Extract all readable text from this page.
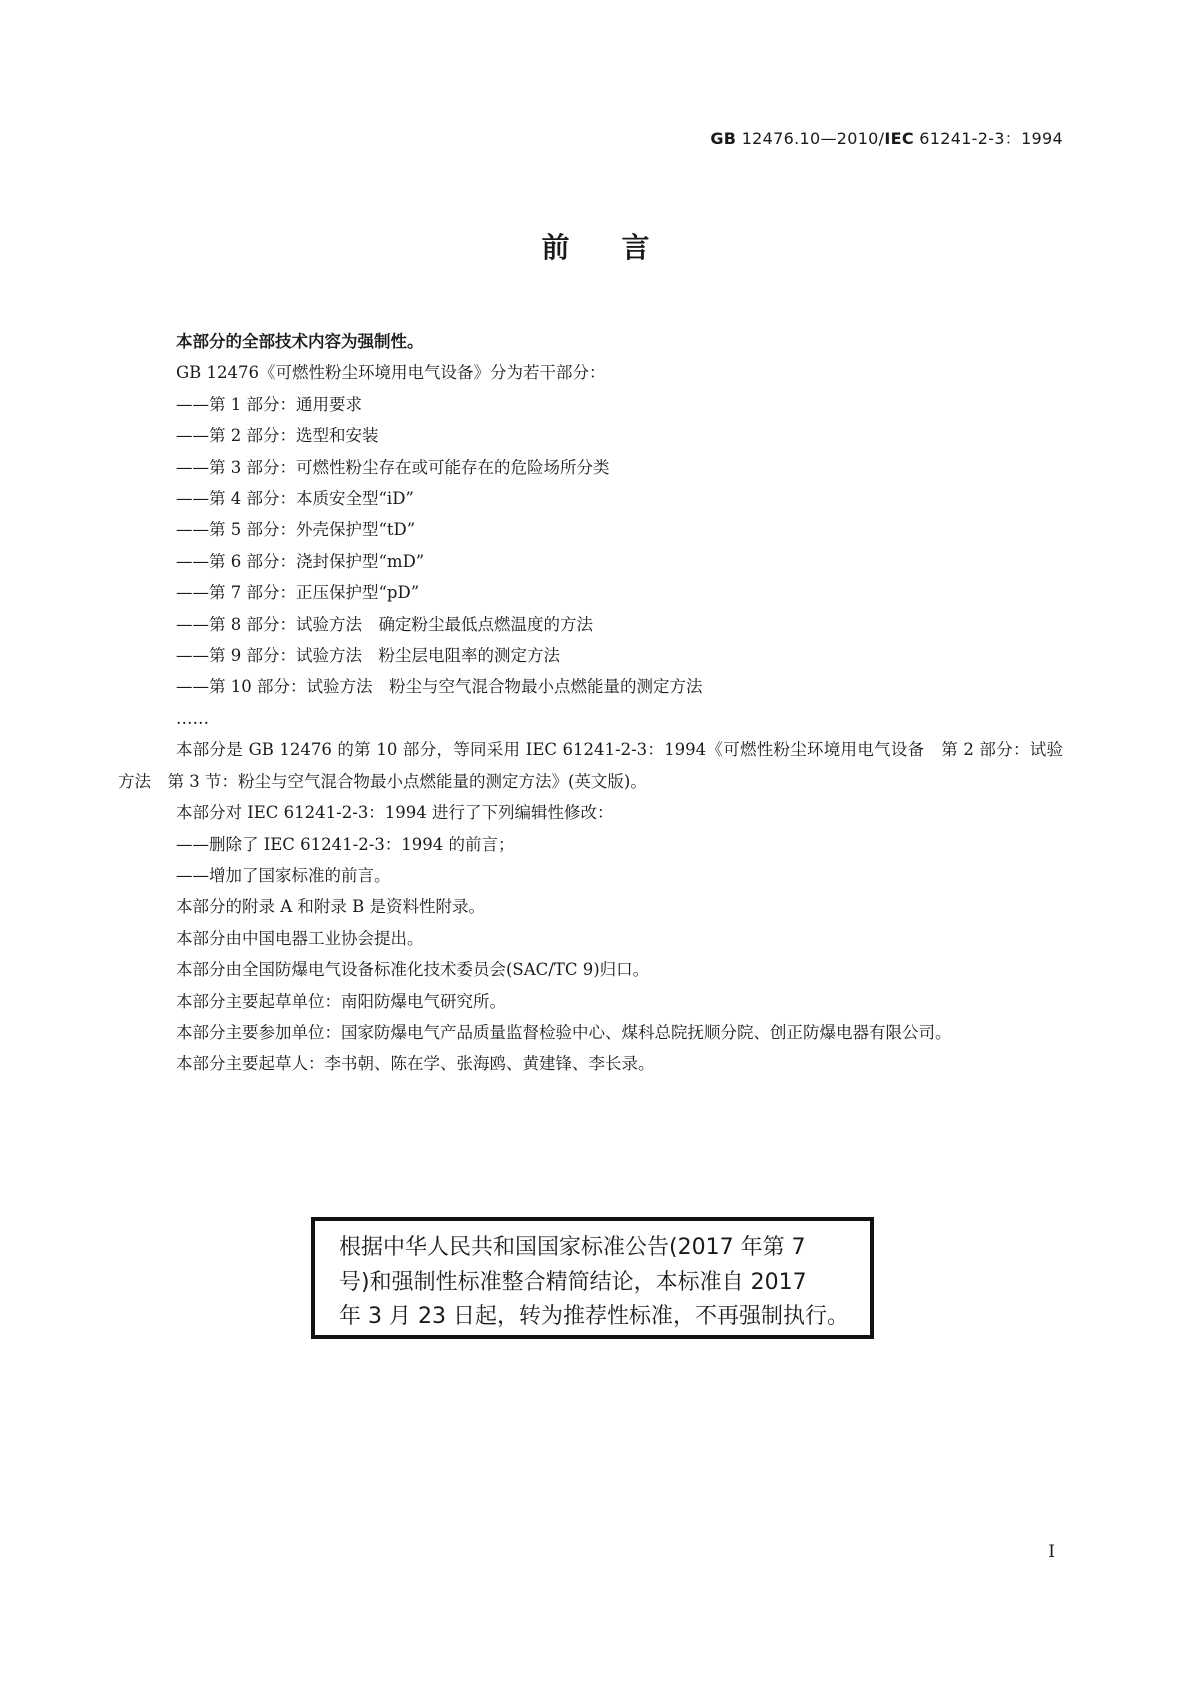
GB 12476.10—2010/IEC 61241-2-3：1994
前言

本部分的全部技术内容为强制性。

GB 12476《可燃性粉尘环境用电气设备》分为若干部分：

——第 1 部分：通用要求

——第 2 部分：选型和安装

——第 3 部分：可燃性粉尘存在或可能存在的危险场所分类

——第 4 部分：本质安全型“iD”

——第 5 部分：外壳保护型“tD”

——第 6 部分：浇封保护型“mD”

——第 7 部分：正压保护型“pD”

——第 8 部分：试验方法　确定粉尘最低点燃温度的方法

——第 9 部分：试验方法　粉尘层电阻率的测定方法

——第 10 部分：试验方法　粉尘与空气混合物最小点燃能量的测定方法

……

本部分是 GB 12476 的第 10 部分，等同采用 IEC 61241-2-3：1994《可燃性粉尘环境用电气设备　第 2 部分：试验方法　第 3 节：粉尘与空气混合物最小点燃能量的测定方法》(英文版)。

本部分对 IEC 61241-2-3：1994 进行了下列编辑性修改：

——删除了 IEC 61241-2-3：1994 的前言；

——增加了国家标准的前言。

本部分的附录 A 和附录 B 是资料性附录。

本部分由中国电器工业协会提出。

本部分由全国防爆电气设备标准化技术委员会(SAC/TC 9)归口。

本部分主要起草单位：南阳防爆电气研究所。

本部分主要参加单位：国家防爆电气产品质量监督检验中心、煤科总院抚顺分院、创正防爆电器有限公司。

本部分主要起草人：李书朝、陈在学、张海鸥、黄建锋、李长录。

根据中华人民共和国国家标准公告(2017 年第 7
号)和强制性标准整合精简结论，本标准自 2017
年 3 月 23 日起，转为推荐性标准，不再强制执行。
I
